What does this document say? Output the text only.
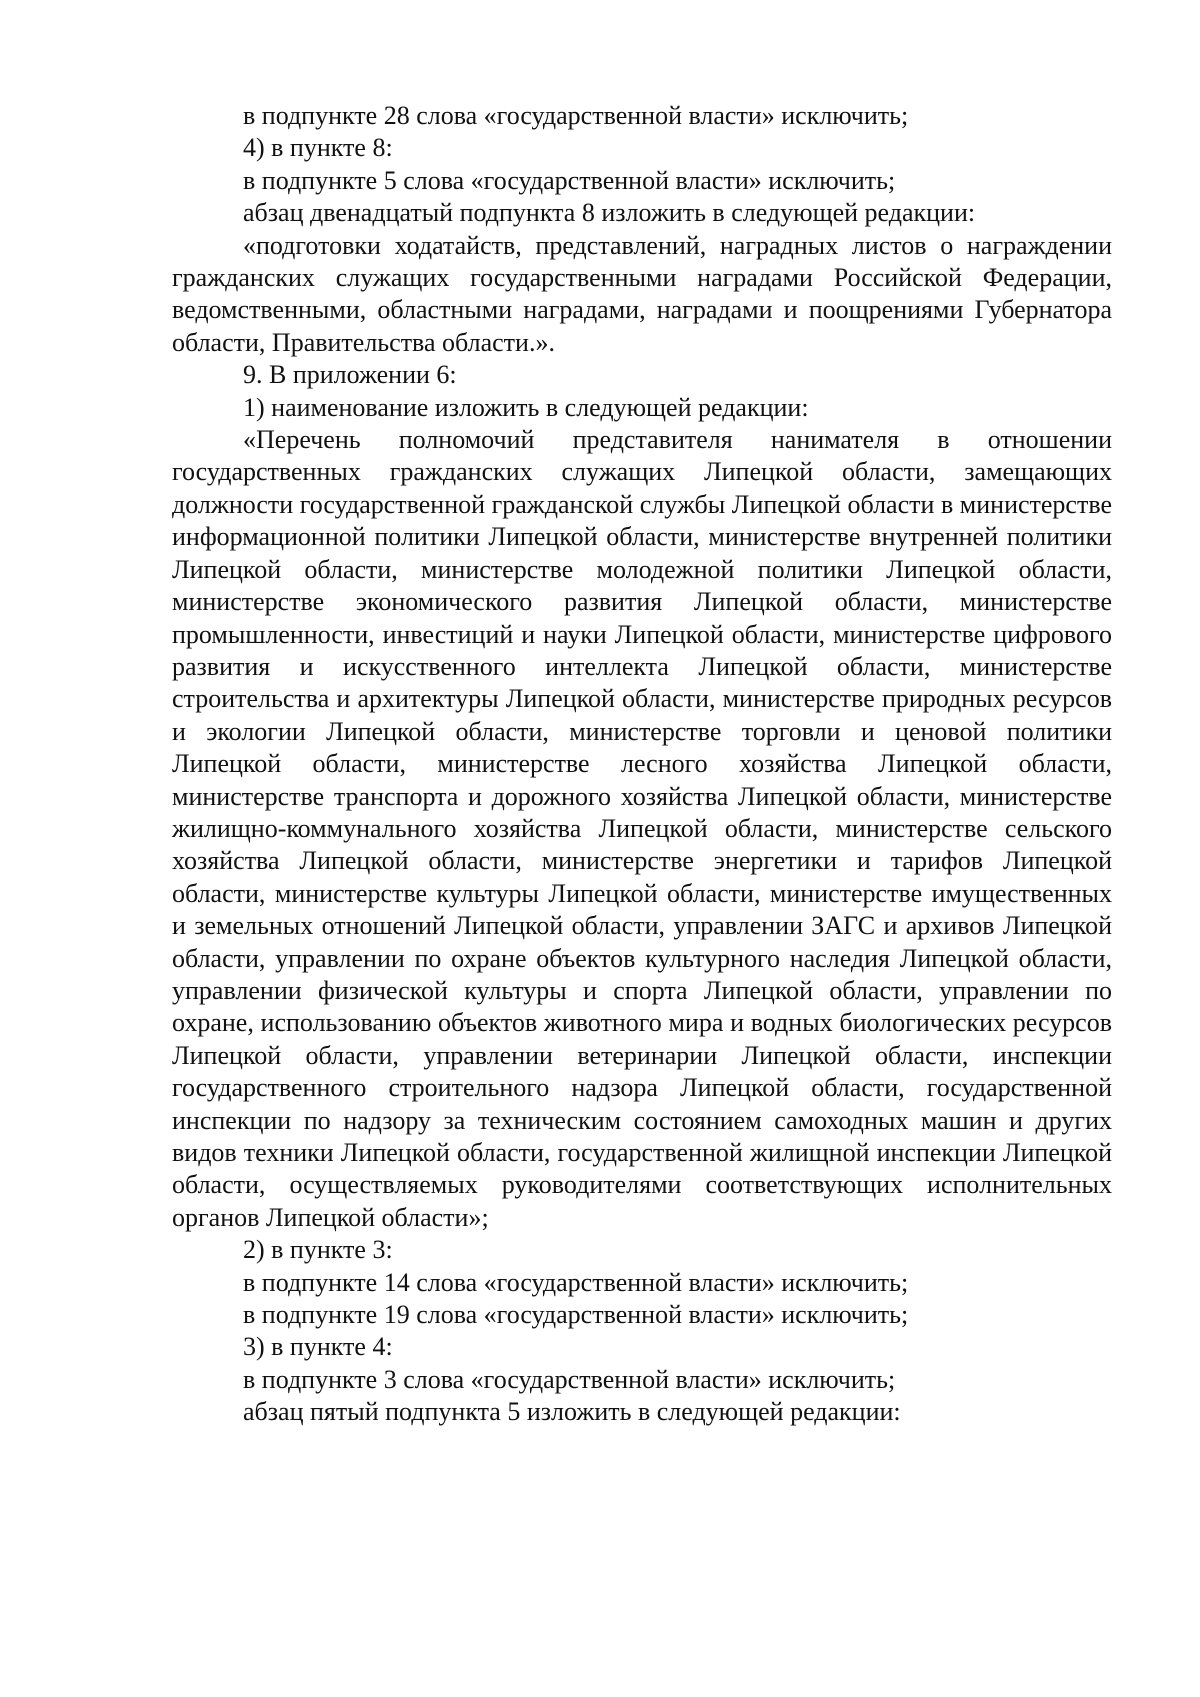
в подпункте 28 слова «государственной власти» исключить;

4) в пункте 8:

в подпункте 5 слова «государственной власти» исключить;

абзац двенадцатый подпункта 8 изложить в следующей редакции:

«подготовки ходатайств, представлений, наградных листов о награждении гражданских служащих государственными наградами Российской Федерации, ведомственными, областными наградами, наградами и поощрениями Губернатора области, Правительства области.».

9. В приложении 6:

1) наименование изложить в следующей редакции:

«Перечень полномочий представителя нанимателя в отношении государственных гражданских служащих Липецкой области, замещающих должности государственной гражданской службы Липецкой области в министерстве информационной политики Липецкой области, министерстве внутренней политики Липецкой области, министерстве молодежной политики Липецкой области, министерстве экономического развития Липецкой области, министерстве промышленности, инвестиций и науки Липецкой области, министерстве цифрового развития и искусственного интеллекта Липецкой области, министерстве строительства и архитектуры Липецкой области, министерстве природных ресурсов и экологии Липецкой области, министерстве торговли и ценовой политики Липецкой области, министерстве лесного хозяйства Липецкой области, министерстве транспорта и дорожного хозяйства Липецкой области, министерстве жилищно-коммунального хозяйства Липецкой области, министерстве сельского хозяйства Липецкой области, министерстве энергетики и тарифов Липецкой области, министерстве культуры Липецкой области, министерстве имущественных и земельных отношений Липецкой области, управлении ЗАГС и архивов Липецкой области, управлении по охране объектов культурного наследия Липецкой области, управлении физической культуры и спорта Липецкой области, управлении по охране, использованию объектов животного мира и водных биологических ресурсов Липецкой области, управлении ветеринарии Липецкой области, инспекции государственного строительного надзора Липецкой области, государственной инспекции по надзору за техническим состоянием самоходных машин и других видов техники Липецкой области, государственной жилищной инспекции Липецкой области, осуществляемых руководителями соответствующих исполнительных органов Липецкой области»;

2) в пункте 3:

в подпункте 14 слова «государственной власти» исключить;

в подпункте 19 слова «государственной власти» исключить;

3) в пункте 4:

в подпункте 3 слова «государственной власти» исключить;

абзац пятый подпункта 5 изложить в следующей редакции:
